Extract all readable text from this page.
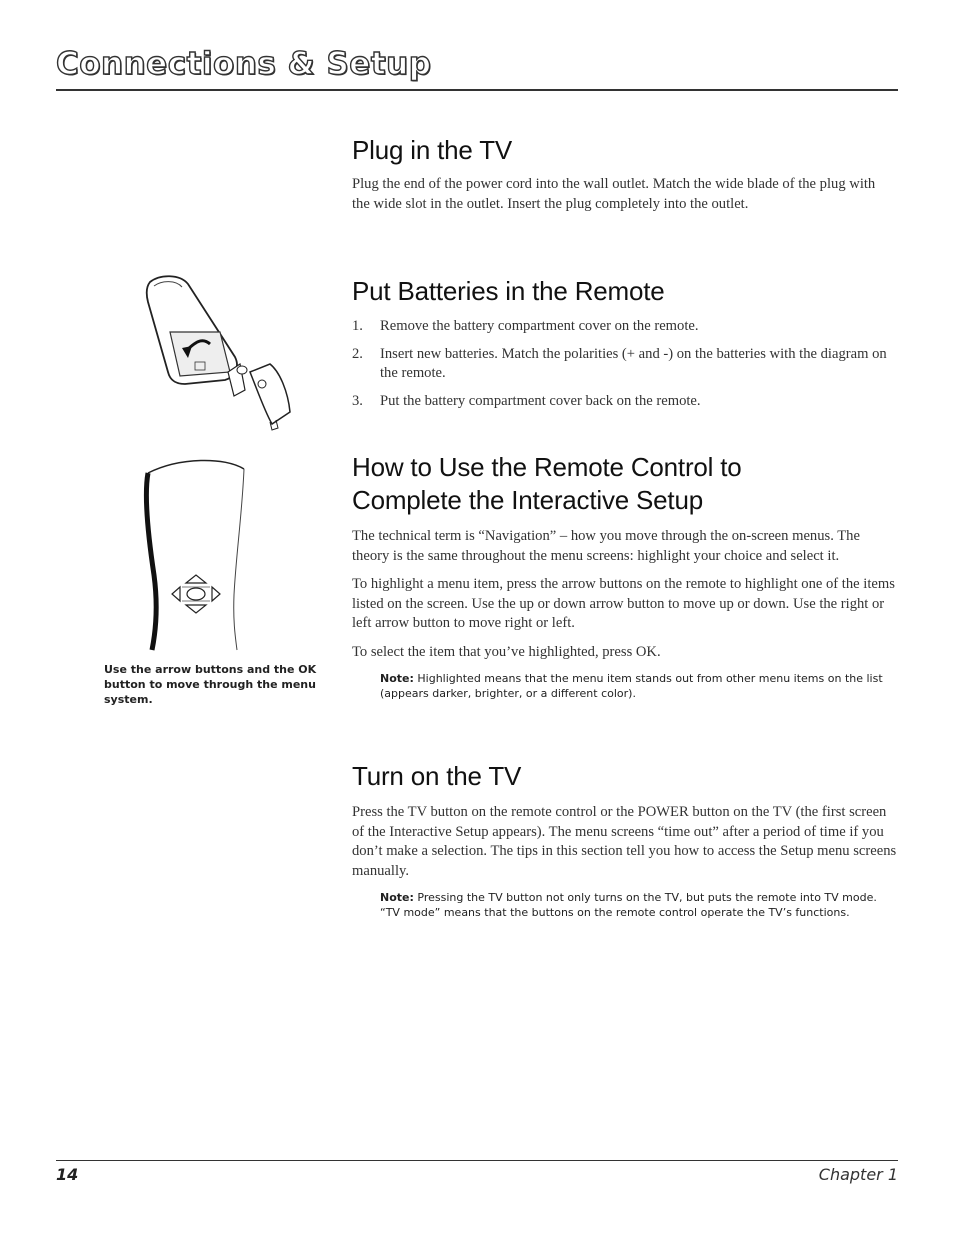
Connections & Setup
Plug in the TV

Plug the end of the power cord into the wall outlet. Match the wide blade of the plug with the wide slot in the outlet. Insert the plug completely into the outlet.

Put Batteries in the Remote
1. Remove the battery compartment cover on the remote.
2. Insert new batteries. Match the polarities (+ and -) on the batteries with the diagram on the remote.
3. Put the battery compartment cover back on the remote.
Use the arrow buttons and the OK button to move through the menu system.
How to Use the Remote Control to Complete the Interactive Setup

The technical term is “Navigation” – how you move through the on-screen menus. The theory is the same throughout the menu screens: highlight your choice and select it.

To highlight a menu item, press the arrow buttons on the remote to highlight one of the items listed on the screen. Use the up or down arrow button to move up or down. Use the right or left arrow button to move right or left.

To select the item that you’ve highlighted, press OK.

Note: Highlighted means that the menu item stands out from other menu items on the list (appears darker, brighter, or a different color).
Turn on the TV

Press the TV button on the remote control or the POWER button on the TV (the first screen of the Interactive Setup appears). The menu screens “time out” after a period of time if you don’t make a selection. The tips in this section tell you how to access the Setup menu screens manually.

Note: Pressing the TV button not only turns on the TV, but puts the remote into TV mode. “TV mode” means that the buttons on the remote control operate the TV’s functions.
14	Chapter 1
